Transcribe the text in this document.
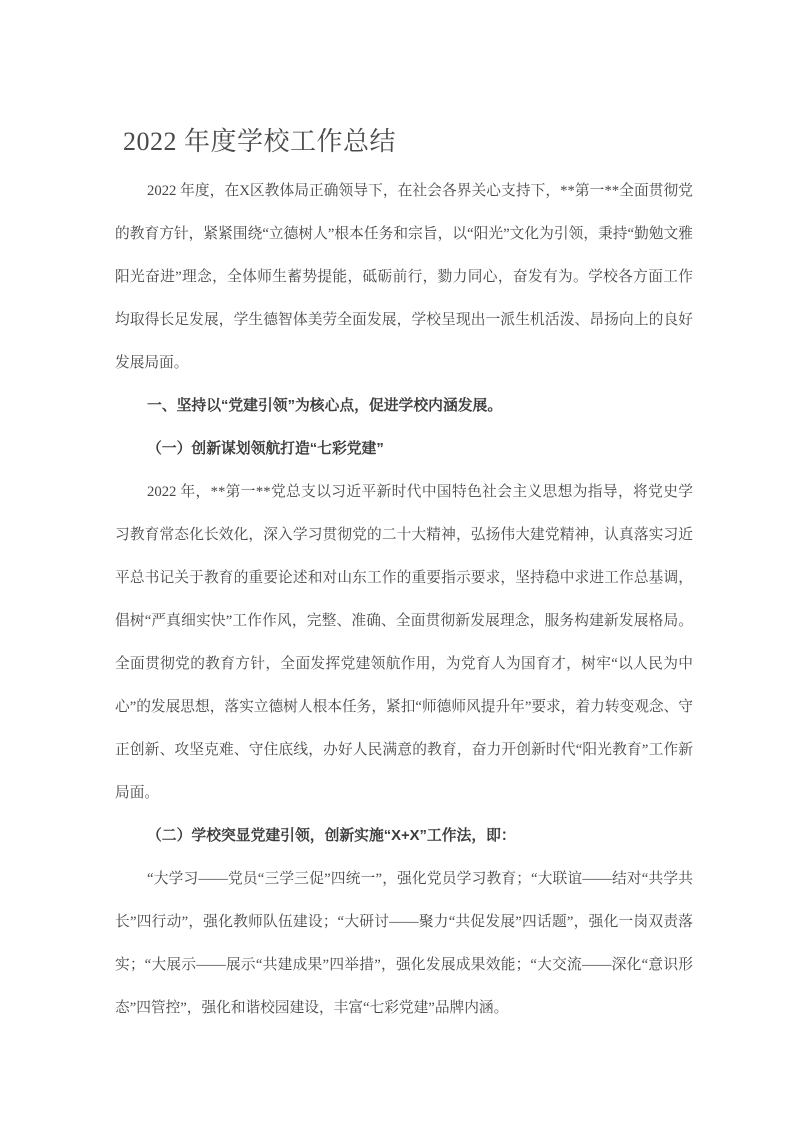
2022 年度学校工作总结

2022 年度，在X区教体局正确领导下，在社会各界关心支持下，**第一**全面贯彻党的教育方针，紧紧围绕“立德树人”根本任务和宗旨，以“阳光”文化为引领，秉持“勤勉文雅阳光奋进”理念，全体师生蓄势提能，砥砺前行，勠力同心，奋发有为。学校各方面工作均取得长足发展，学生德智体美劳全面发展，学校呈现出一派生机活泼、昂扬向上的良好发展局面。

一、坚持以“党建引领”为核心点，促进学校内涵发展。
（一）创新谋划领航打造“七彩党建”

2022 年，**第一**党总支以习近平新时代中国特色社会主义思想为指导，将党史学习教育常态化长效化，深入学习贯彻党的二十大精神，弘扬伟大建党精神，认真落实习近平总书记关于教育的重要论述和对山东工作的重要指示要求，坚持稳中求进工作总基调，倡树“严真细实快”工作作风，完整、准确、全面贯彻新发展理念，服务构建新发展格局。全面贯彻党的教育方针，全面发挥党建领航作用，为党育人为国育才，树牢“以人民为中心”的发展思想，落实立德树人根本任务，紧扣“师德师风提升年”要求，着力转变观念、守正创新、攻坚克难、守住底线，办好人民满意的教育，奋力开创新时代“阳光教育”工作新局面。

（二）学校突显党建引领，创新实施“X+X”工作法，即：

“大学习——党员“三学三促”四统一”，强化党员学习教育；“大联谊——结对“共学共长”四行动”，强化教师队伍建设；“大研讨——聚力“共促发展”四话题”，强化一岗双责落实；“大展示——展示“共建成果”四举措”，强化发展成果效能；“大交流——深化“意识形态”四管控”，强化和谐校园建设，丰富“七彩党建”品牌内涵。
